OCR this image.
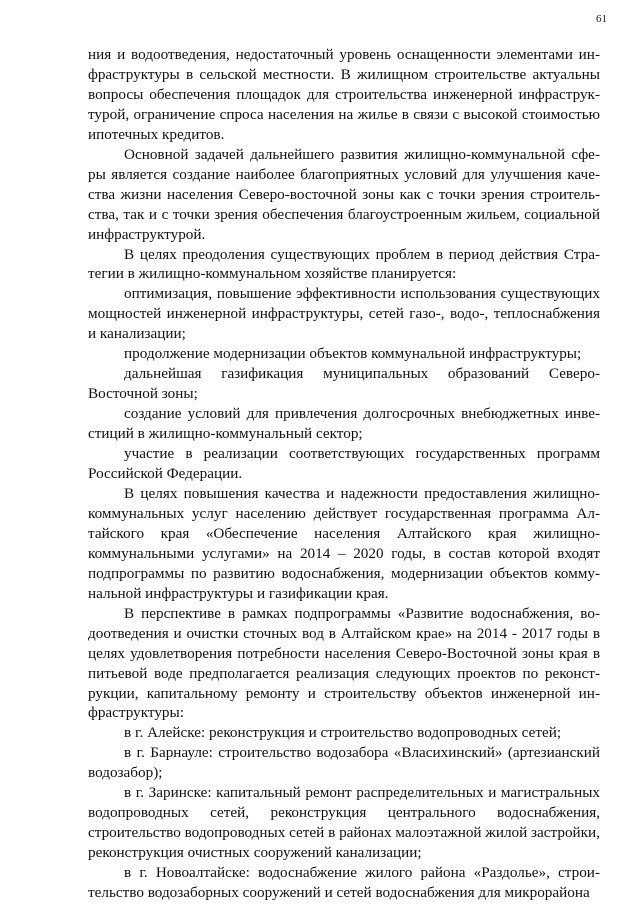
61

ния и водоотведения, недостаточный уровень оснащенности элементами инфраструктуры в сельской местности. В жилищном строительстве актуальны вопросы обеспечения площадок для строительства инженерной инфраструктурой, ограничение спроса населения на жилье в связи с высокой стоимостью ипотечных кредитов.

Основной задачей дальнейшего развития жилищно-коммунальной сферы является создание наиболее благоприятных условий для улучшения качества жизни населения Северо-восточной зоны как с точки зрения строительства, так и с точки зрения обеспечения благоустроенным жильем, социальной инфраструктурой.

В целях преодоления существующих проблем в период действия Стратегии в жилищно-коммунальном хозяйстве планируется:

оптимизация, повышение эффективности использования существующих мощностей инженерной инфраструктуры, сетей газо-, водо-, теплоснабжения и канализации;

продолжение модернизации объектов коммунальной инфраструктуры;

дальнейшая газификация муниципальных образований Северо-Восточной зоны;

создание условий для привлечения долгосрочных внебюджетных инвестиций в жилищно-коммунальный сектор;

участие в реализации соответствующих государственных программ Российской Федерации.

В целях повышения качества и надежности предоставления жилищно-коммунальных услуг населению действует государственная программа Алтайского края «Обеспечение населения Алтайского края жилищно-коммунальными услугами» на 2014 – 2020 годы, в состав которой входят подпрограммы по развитию водоснабжения, модернизации объектов коммунальной инфраструктуры и газификации края.

В перспективе в рамках подпрограммы «Развитие водоснабжения, водоотведения и очистки сточных вод в Алтайском крае» на 2014 - 2017 годы в целях удовлетворения потребности населения Северо-Восточной зоны края в питьевой воде предполагается реализация следующих проектов по реконструкции, капитальному ремонту и строительству объектов инженерной инфраструктуры:

в г. Алейске: реконструкция и строительство водопроводных сетей;

в г. Барнауле: строительство водозабора «Власихинский» (артезианский водозабор);

в г. Заринске: капитальный ремонт распределительных и магистральных водопроводных сетей, реконструкция центрального водоснабжения, строительство водопроводных сетей в районах малоэтажной жилой застройки, реконструкция очистных сооружений канализации;

в г. Новоалтайске: водоснабжение жилого района «Раздолье», строительство водозаборных сооружений и сетей водоснабжения для микрорайона
